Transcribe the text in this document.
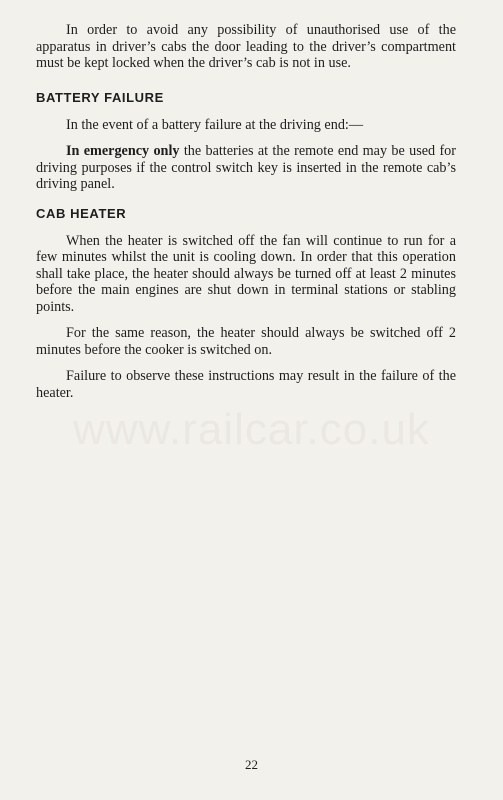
www.railcar.co.uk

In order to avoid any possibility of unauthorised use of the apparatus in driver’s cabs the door leading to the driver’s compartment must be kept locked when the driver’s cab is not in use.

BATTERY FAILURE

In the event of a battery failure at the driving end:—

In emergency only the batteries at the remote end may be used for driving purposes if the control switch key is inserted in the remote cab’s driving panel.

CAB HEATER

When the heater is switched off the fan will continue to run for a few minutes whilst the unit is cooling down. In order that this operation shall take place, the heater should always be turned off at least 2 minutes before the main engines are shut down in terminal stations or stabling points.

For the same reason, the heater should always be switched off 2 minutes before the cooker is switched on.

Failure to observe these instructions may result in the failure of the heater.

22
